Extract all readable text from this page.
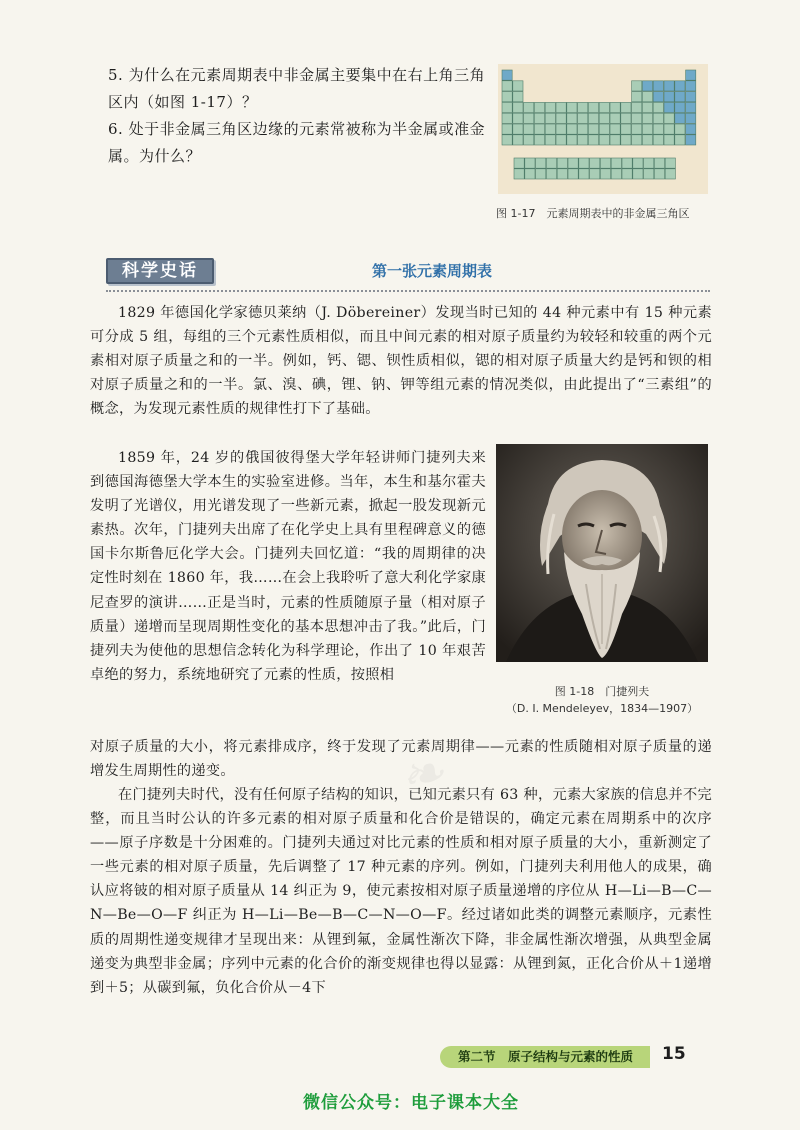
5. 为什么在元素周期表中非金属主要集中在右上角三角区内（如图 1-17）？

6. 处于非金属三角区边缘的元素常被称为半金属或准金属。为什么？

图 1-17　元素周期表中的非金属三角区
科学史话	第一张元素周期表

1829 年德国化学家德贝莱纳（J. Döbereiner）发现当时已知的 44 种元素中有 15 种元素可分成 5 组，每组的三个元素性质相似，而且中间元素的相对原子质量约为较轻和较重的两个元素相对原子质量之和的一半。例如，钙、锶、钡性质相似，锶的相对原子质量大约是钙和钡的相对原子质量之和的一半。氯、溴、碘，锂、钠、钾等组元素的情况类似，由此提出了“三素组”的概念，为发现元素性质的规律性打下了基础。

1859 年，24 岁的俄国彼得堡大学年轻讲师门捷列夫来到德国海德堡大学本生的实验室进修。当年，本生和基尔霍夫发明了光谱仪，用光谱发现了一些新元素，掀起一股发现新元素热。次年，门捷列夫出席了在化学史上具有里程碑意义的德国卡尔斯鲁厄化学大会。门捷列夫回忆道：“我的周期律的决定性时刻在 1860 年，我……在会上我聆听了意大利化学家康尼查罗的演讲……正是当时，元素的性质随原子量（相对原子质量）递增而呈现周期性变化的基本思想冲击了我。”此后，门捷列夫为使他的思想信念转化为科学理论，作出了 10 年艰苦卓绝的努力，系统地研究了元素的性质，按照相

对原子质量的大小，将元素排成序，终于发现了元素周期律——元素的性质随相对原子质量的递增发生周期性的递变。

在门捷列夫时代，没有任何原子结构的知识，已知元素只有 63 种，元素大家族的信息并不完整，而且当时公认的许多元素的相对原子质量和化合价是错误的，确定元素在周期系中的次序——原子序数是十分困难的。门捷列夫通过对比元素的性质和相对原子质量的大小，重新测定了一些元素的相对原子质量，先后调整了 17 种元素的序列。例如，门捷列夫利用他人的成果，确认应将铍的相对原子质量从 14 纠正为 9，使元素按相对原子质量递增的序位从 H—Li—B—C—N—Be—O—F 纠正为 H—Li—Be—B—C—N—O—F。经过诸如此类的调整元素顺序，元素性质的周期性递变规律才呈现出来：从锂到氟，金属性渐次下降，非金属性渐次增强，从典型金属递变为典型非金属；序列中元素的化合价的渐变规律也得以显露：从锂到氮，正化合价从＋1递增到＋5；从碳到氟，负化合价从－4下

图 1-18　门捷列夫
（D. I. Mendeleyev，1834—1907）
❧
第二节　原子结构与元素的性质	15
微信公众号：电子课本大全
